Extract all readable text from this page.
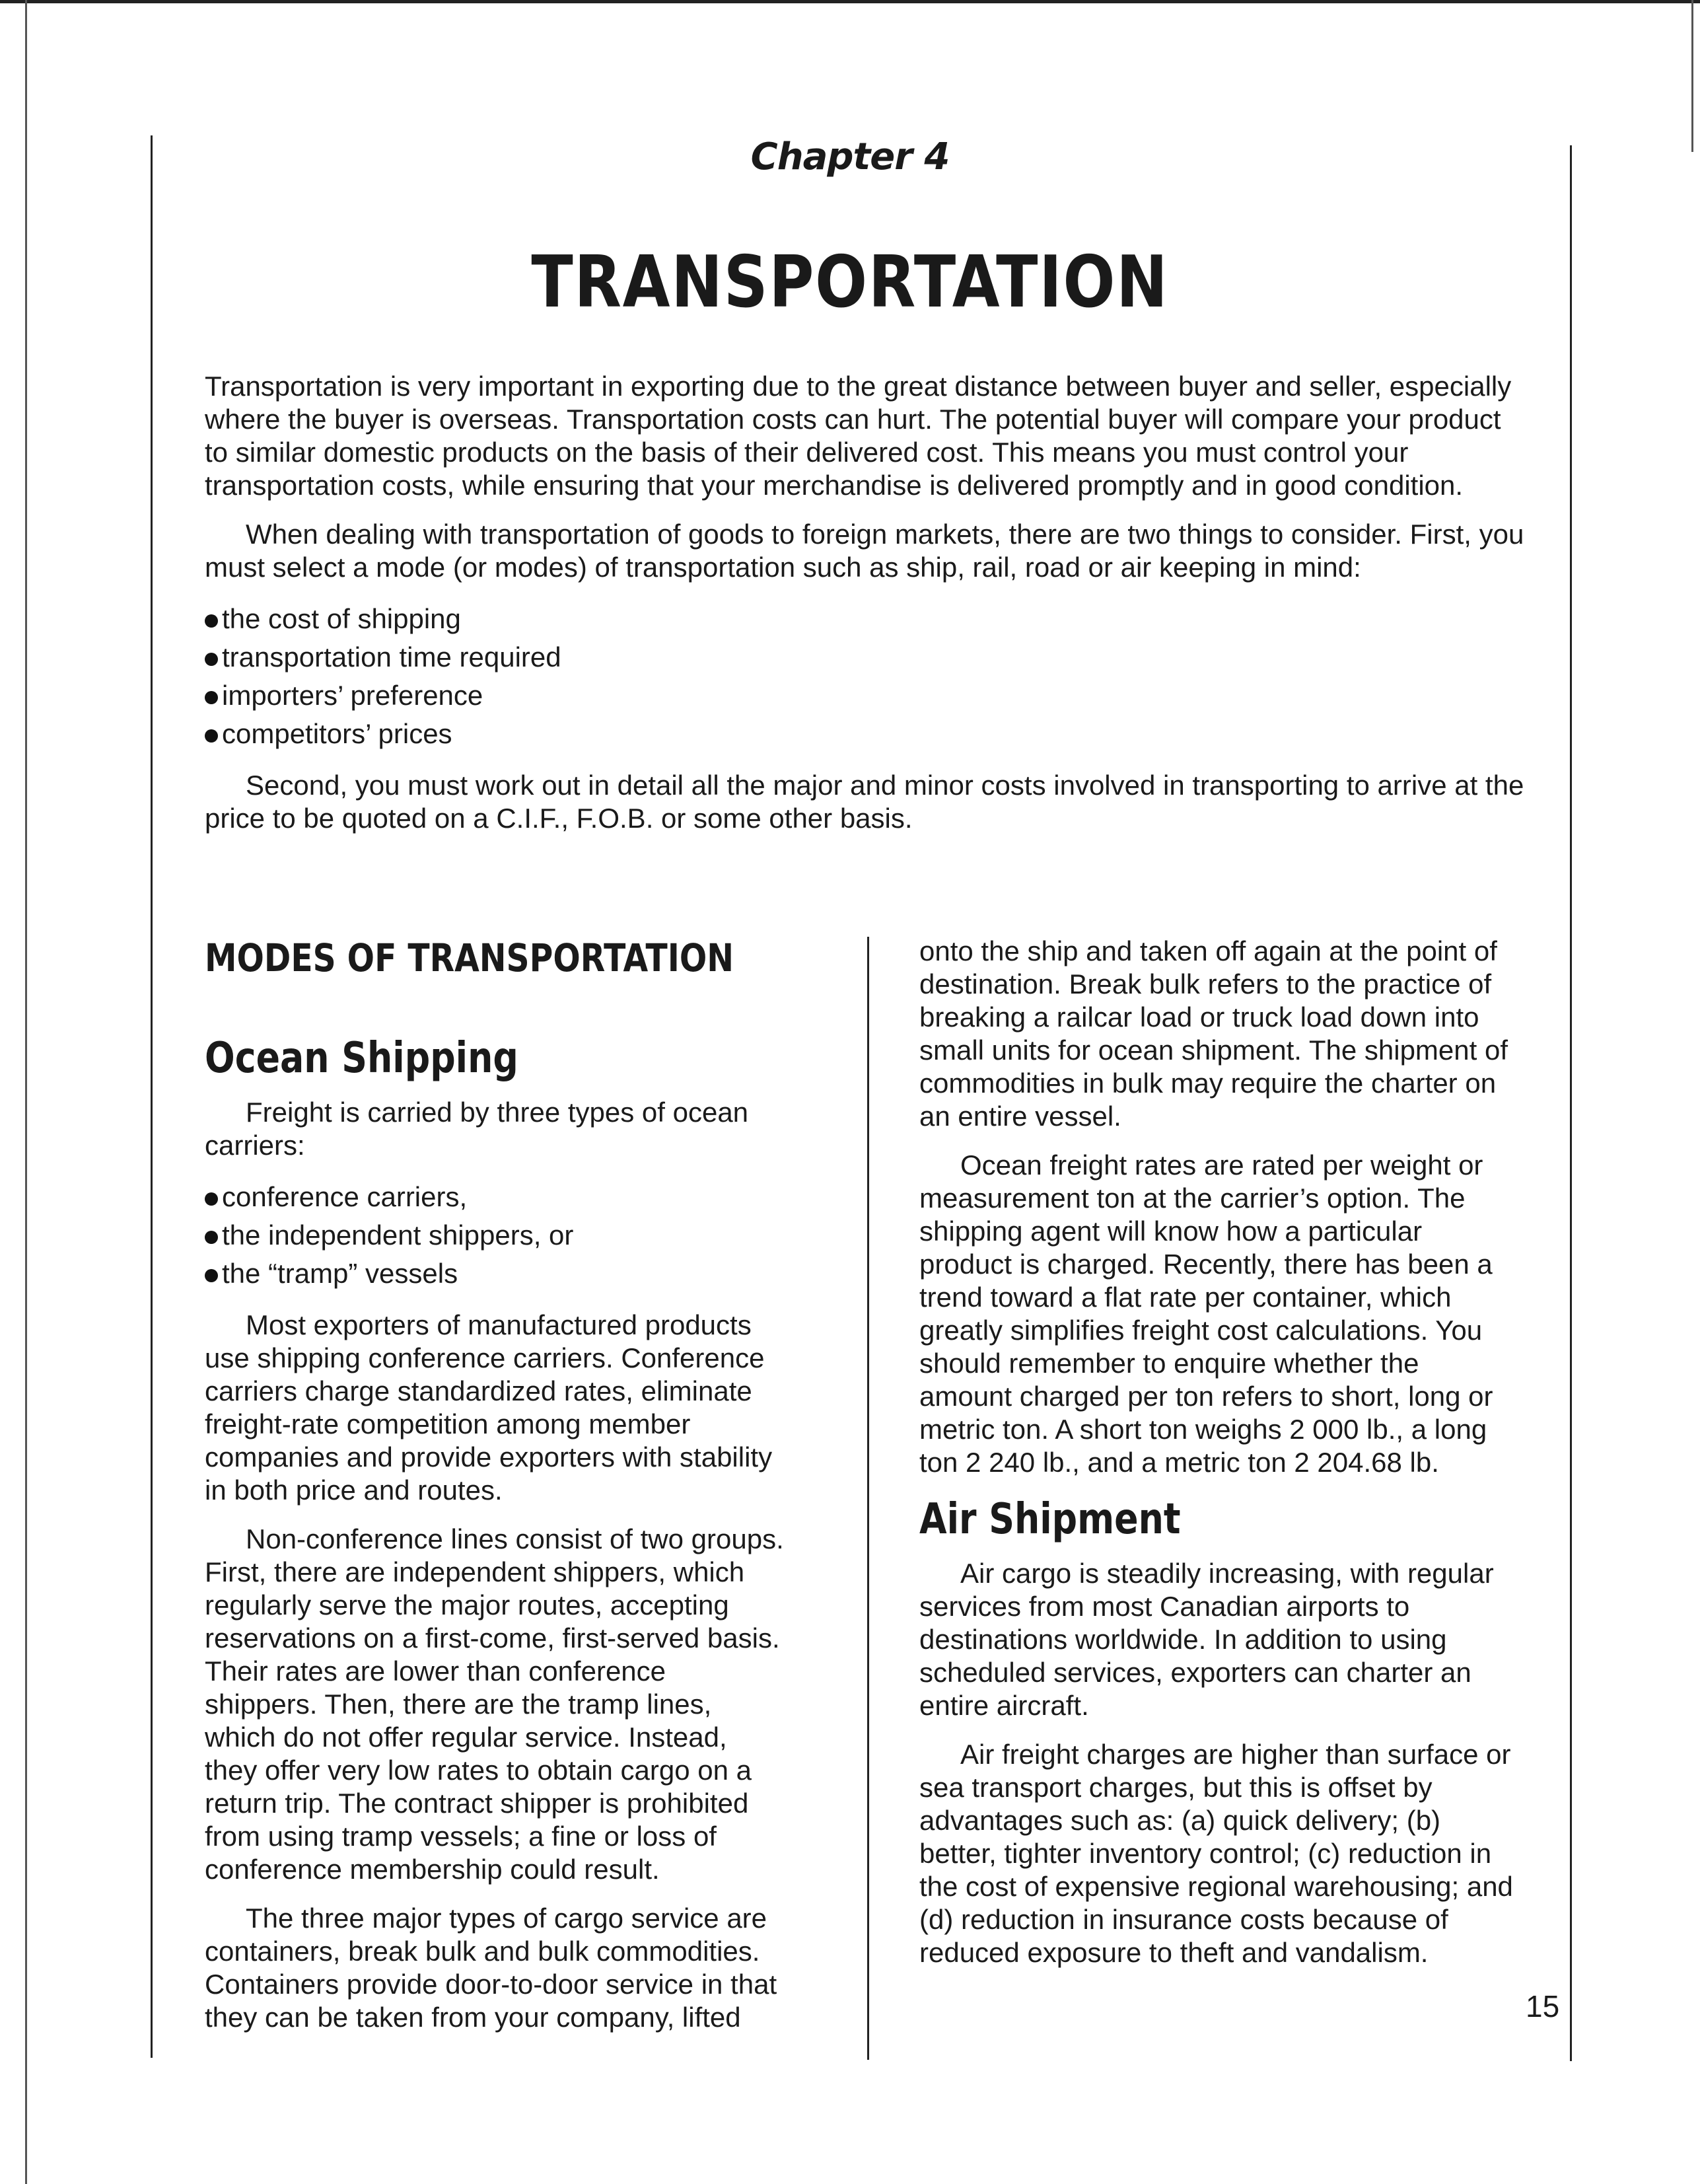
Chapter 4
TRANSPORTATION

Transportation is very important in exporting due to the great distance between buyer and seller, especially where the buyer is overseas. Transportation costs can hurt. The potential buyer will compare your product to similar domestic products on the basis of their delivered cost. This means you must control your transportation costs, while ensuring that your merchandise is delivered promptly and in good condition.

When dealing with transportation of goods to foreign markets, there are two things to consider. First, you must select a mode (or modes) of transportation such as ship, rail, road or air keeping in mind:

the cost of shipping
transportation time required
importers’ preference
competitors’ prices

Second, you must work out in detail all the major and minor costs involved in transporting to arrive at the price to be quoted on a C.I.F., F.O.B. or some other basis.

MODES OF TRANSPORTATION
Ocean Shipping

Freight is carried by three types of ocean carriers:

conference carriers,
the independent shippers, or
the “tramp” vessels

Most exporters of manufactured products use shipping conference carriers. Conference carriers charge standardized rates, eliminate freight-rate competition among member companies and provide exporters with stability in both price and routes.

Non-conference lines consist of two groups. First, there are independent shippers, which regularly serve the major routes, accepting reservations on a first-come, first-served basis. Their rates are lower than conference shippers. Then, there are the tramp lines, which do not offer regular service. Instead, they offer very low rates to obtain cargo on a return trip. The contract shipper is prohibited from using tramp vessels; a fine or loss of conference membership could result.

The three major types of cargo service are containers, break bulk and bulk commodities. Containers provide door-to-door service in that they can be taken from your company, lifted

onto the ship and taken off again at the point of destination. Break bulk refers to the practice of breaking a railcar load or truck load down into small units for ocean shipment. The shipment of commodities in bulk may require the charter on an entire vessel.

Ocean freight rates are rated per weight or measurement ton at the carrier’s option. The shipping agent will know how a particular product is charged. Recently, there has been a trend toward a flat rate per container, which greatly simplifies freight cost calculations. You should remember to enquire whether the amount charged per ton refers to short, long or metric ton. A short ton weighs 2 000 lb., a long ton 2 240 lb., and a metric ton 2 204.68 lb.

Air Shipment

Air cargo is steadily increasing, with regular services from most Canadian airports to destinations worldwide. In addition to using scheduled services, exporters can charter an entire aircraft.

Air freight charges are higher than surface or sea transport charges, but this is offset by advantages such as: (a) quick delivery; (b) better, tighter inventory control; (c) reduction in the cost of expensive regional warehousing; and (d) reduction in insurance costs because of reduced exposure to theft and vandalism.

15
